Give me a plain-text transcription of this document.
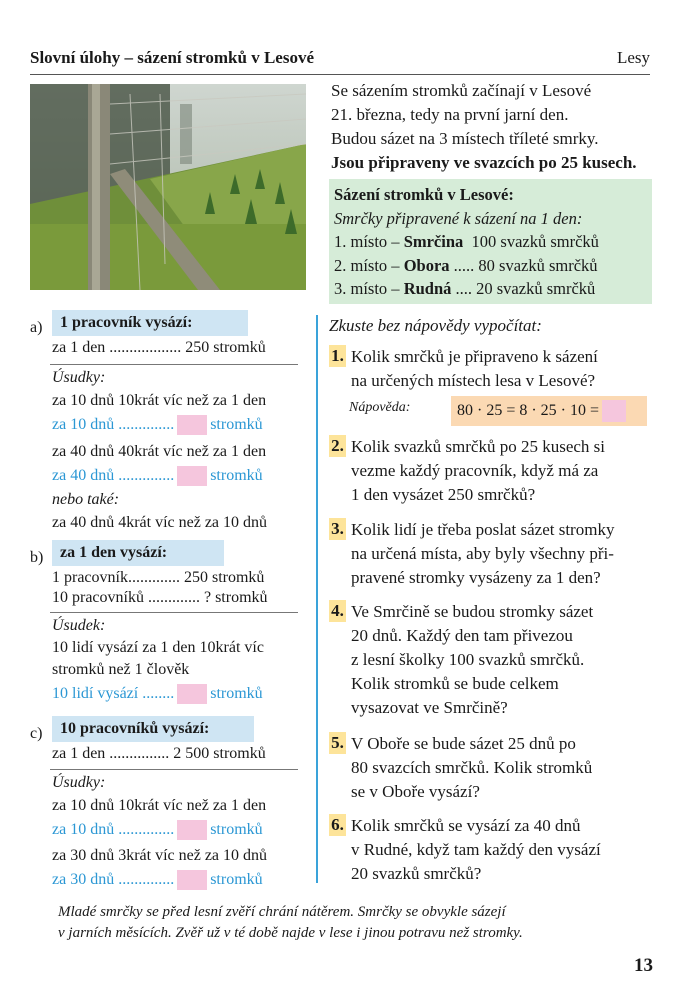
Slovní úlohy – sázení stromků v Lesové	Lesy
Se sázením stromků začínají v Lesové
21. března, tedy na první jarní den.
Budou sázet na 3 místech tříleté smrky.
Jsou připraveny ve svazcích po 25 kusech.
Sázení stromků v Lesové:
Smrčky připravené k sázení na 1 den:
1. místo – Smrčina  100 svazků smrčků
2. místo – Obora ..... 80 svazků smrčků
3. místo – Rudná .... 20 svazků smrčků
a)	1 pracovník vysází:
za 1 den .................. 250 stromků
Úsudky:
za 10 dnů 10krát víc než za 1 den
za 10 dnů .............. stromků
za 40 dnů 40krát víc než za 1 den
za 40 dnů .............. stromků
nebo také:
za 40 dnů 4krát víc než za 10 dnů
b)	za 1 den vysází:
1 pracovník............. 250 stromků
10 pracovníků ............. ? stromků
Úsudek:
10 lidí vysází za 1 den 10krát víc
stromků než 1 člověk
10 lidí vysází ........ stromků
c)	10 pracovníků vysází:
za 1 den ............... 2 500 stromků
Úsudky:
za 10 dnů 10krát víc než za 1 den
za 10 dnů .............. stromků
za 30 dnů 3krát víc než za 10 dnů
za 30 dnů .............. stromků
Zkuste bez nápovědy vypočítat:
1. Kolik smrčků je připraveno k sázení
na určených místech lesa v Lesové?
Nápověda:	80 · 25 = 8 · 25 · 10 =
2. Kolik svazků smrčků po 25 kusech si
vezme každý pracovník, když má za
1 den vysázet 250 smrčků?
3. Kolik lidí je třeba poslat sázet stromky
na určená místa, aby byly všechny při-
pravené stromky vysázeny za 1 den?
4. Ve Smrčině se budou stromky sázet
20 dnů. Každý den tam přivezou
z lesní školky 100 svazků smrčků.
Kolik stromků se bude celkem
vysazovat ve Smrčině?
5. V Oboře se bude sázet 25 dnů po
80 svazcích smrčků. Kolik stromků
se v Oboře vysází?
6. Kolik smrčků se vysází za 40 dnů
v Rudné, když tam každý den vysází
20 svazků smrčků?
Mladé smrčky se před lesní zvěří chrání nátěrem. Smrčky se obvykle sázejí
v jarních měsících. Zvěř už v té době najde v lese i jinou potravu než stromky.
13
